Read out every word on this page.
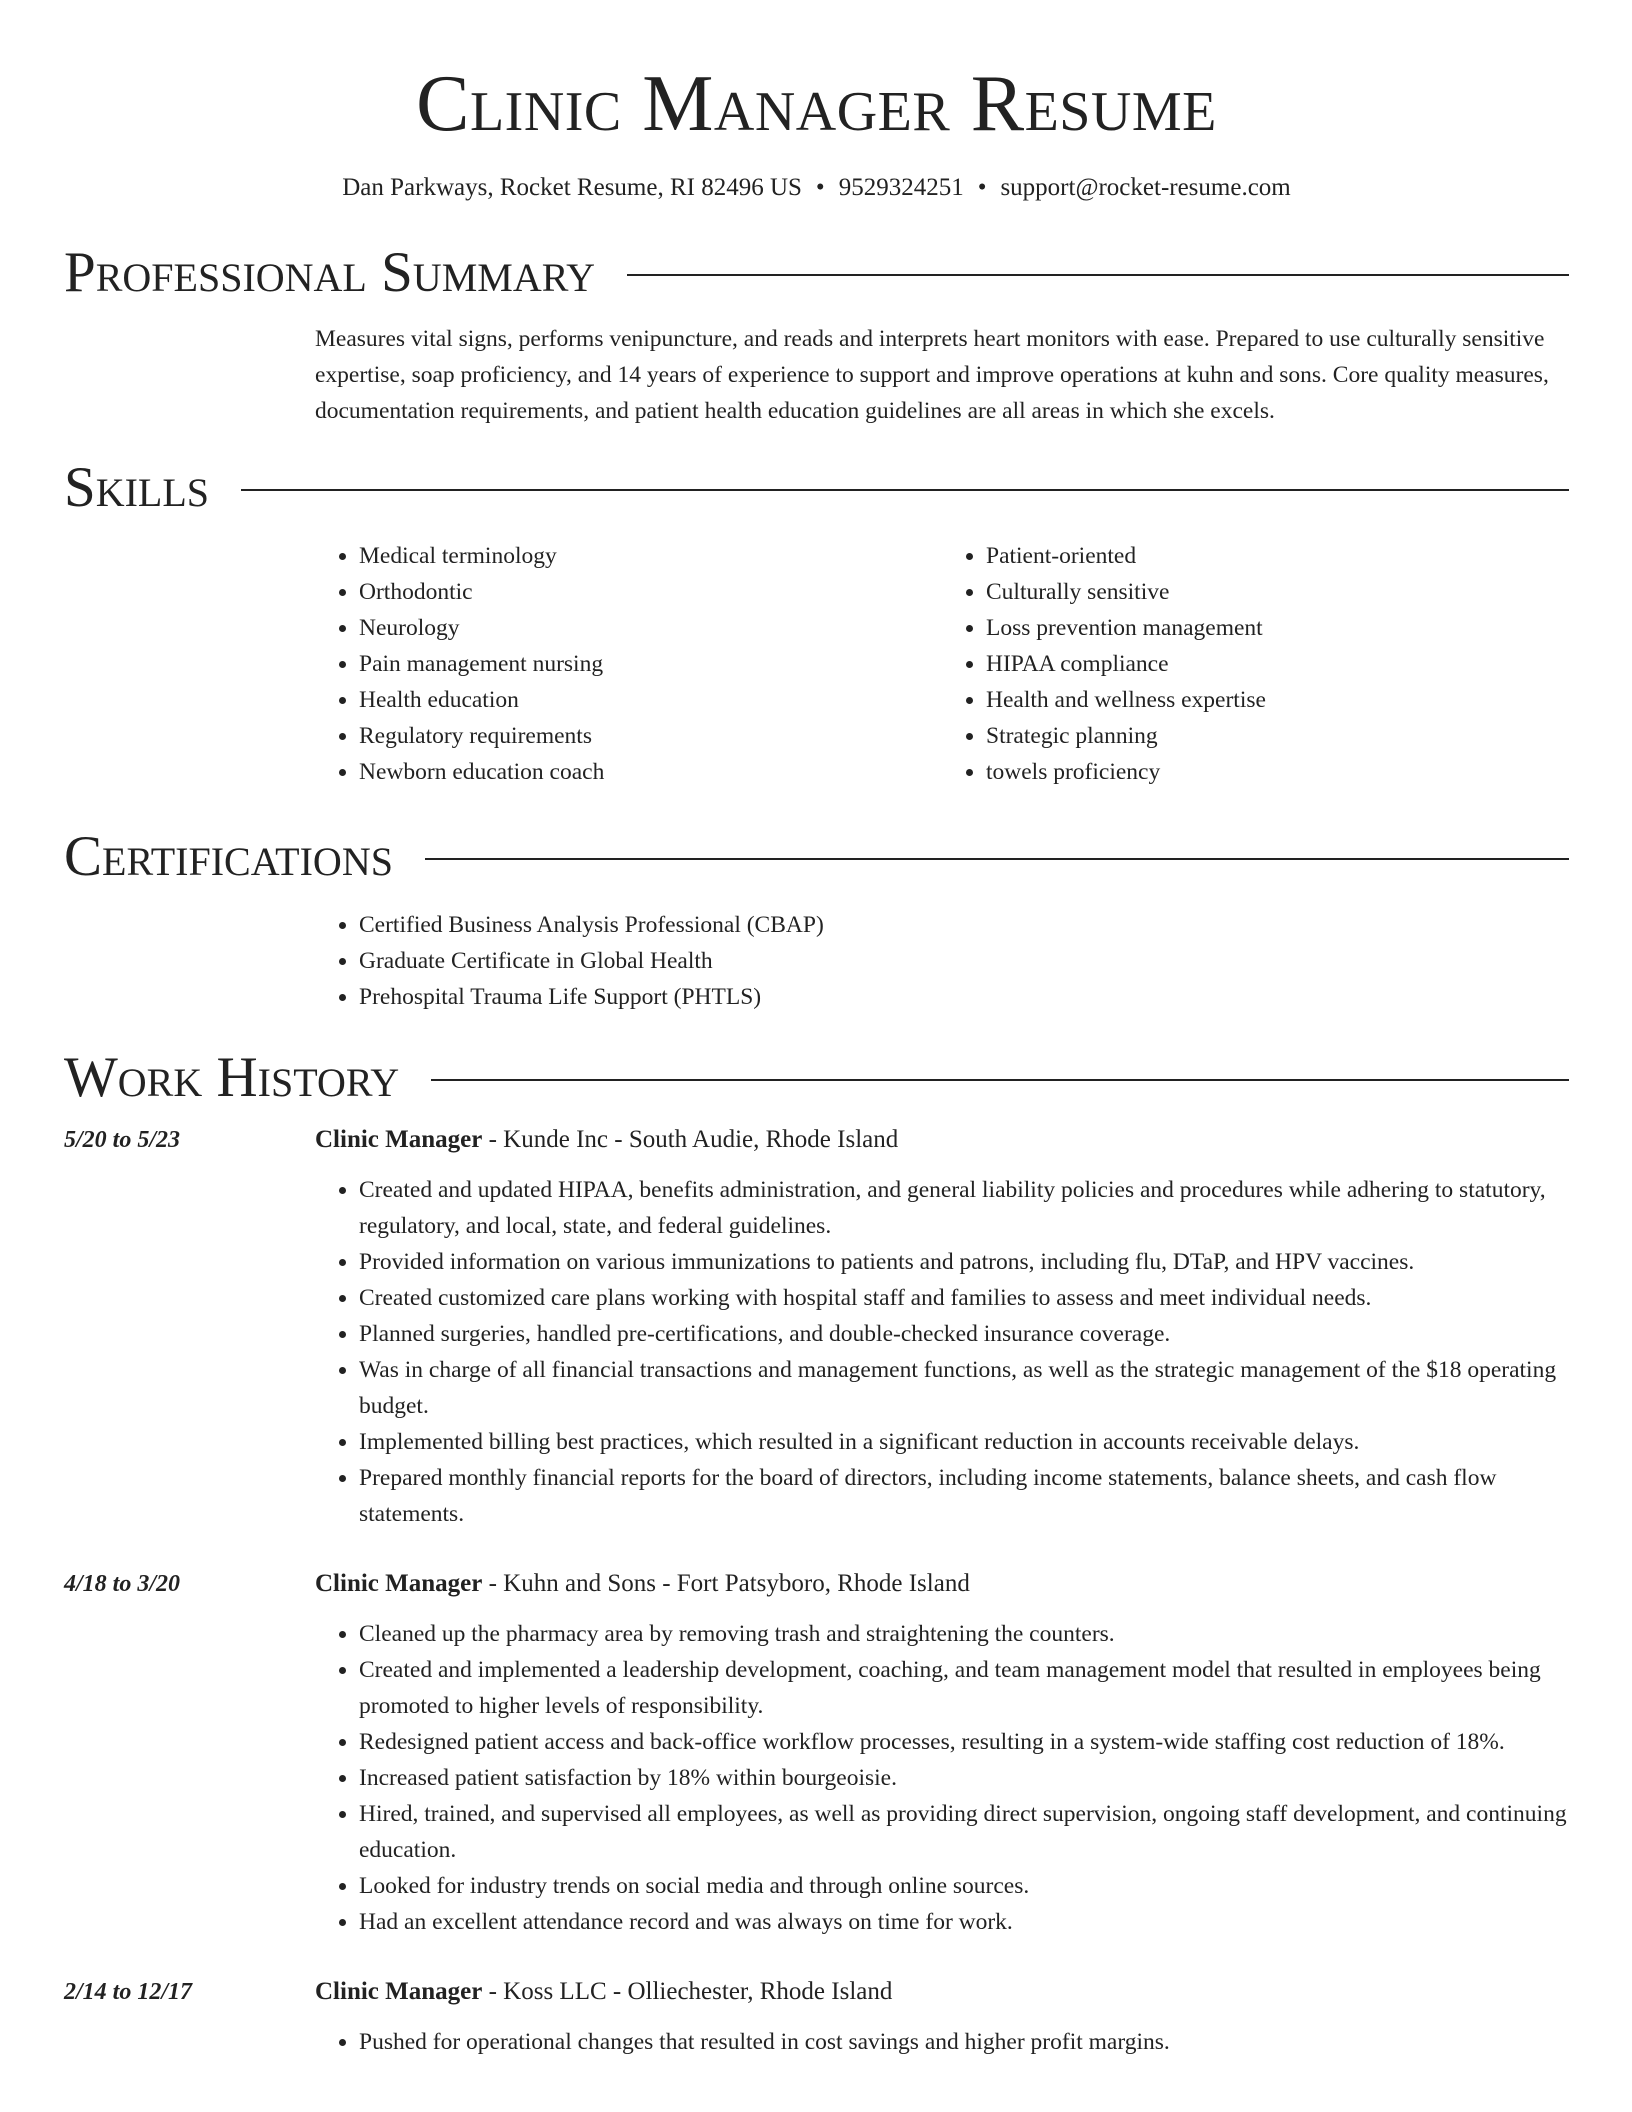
Clinic Manager Resume
Dan Parkways, Rocket Resume, RI 82496 US • 9529324251 • support@rocket-resume.com
Professional Summary
Measures vital signs, performs venipuncture, and reads and interprets heart monitors with ease. Prepared to use culturally sensitive expertise, soap proficiency, and 14 years of experience to support and improve operations at kuhn and sons. Core quality measures, documentation requirements, and patient health education guidelines are all areas in which she excels.
Skills
• Medical terminology
• Orthodontic
• Neurology
• Pain management nursing
• Health education
• Regulatory requirements
• Newborn education coach
• Patient-oriented
• Culturally sensitive
• Loss prevention management
• HIPAA compliance
• Health and wellness expertise
• Strategic planning
• towels proficiency
Certifications
• Certified Business Analysis Professional (CBAP)
• Graduate Certificate in Global Health
• Prehospital Trauma Life Support (PHTLS)
Work History
5/20 to 5/23	Clinic Manager - Kunde Inc - South Audie, Rhode Island
• Created and updated HIPAA, benefits administration, and general liability policies and procedures while adhering to statutory, regulatory, and local, state, and federal guidelines.
• Provided information on various immunizations to patients and patrons, including flu, DTaP, and HPV vaccines.
• Created customized care plans working with hospital staff and families to assess and meet individual needs.
• Planned surgeries, handled pre-certifications, and double-checked insurance coverage.
• Was in charge of all financial transactions and management functions, as well as the strategic management of the $18 operating budget.
• Implemented billing best practices, which resulted in a significant reduction in accounts receivable delays.
• Prepared monthly financial reports for the board of directors, including income statements, balance sheets, and cash flow statements.
4/18 to 3/20	Clinic Manager - Kuhn and Sons - Fort Patsyboro, Rhode Island
• Cleaned up the pharmacy area by removing trash and straightening the counters.
• Created and implemented a leadership development, coaching, and team management model that resulted in employees being promoted to higher levels of responsibility.
• Redesigned patient access and back-office workflow processes, resulting in a system-wide staffing cost reduction of 18%.
• Increased patient satisfaction by 18% within bourgeoisie.
• Hired, trained, and supervised all employees, as well as providing direct supervision, ongoing staff development, and continuing education.
• Looked for industry trends on social media and through online sources.
• Had an excellent attendance record and was always on time for work.
2/14 to 12/17	Clinic Manager - Koss LLC - Olliechester, Rhode Island
• Pushed for operational changes that resulted in cost savings and higher profit margins.
